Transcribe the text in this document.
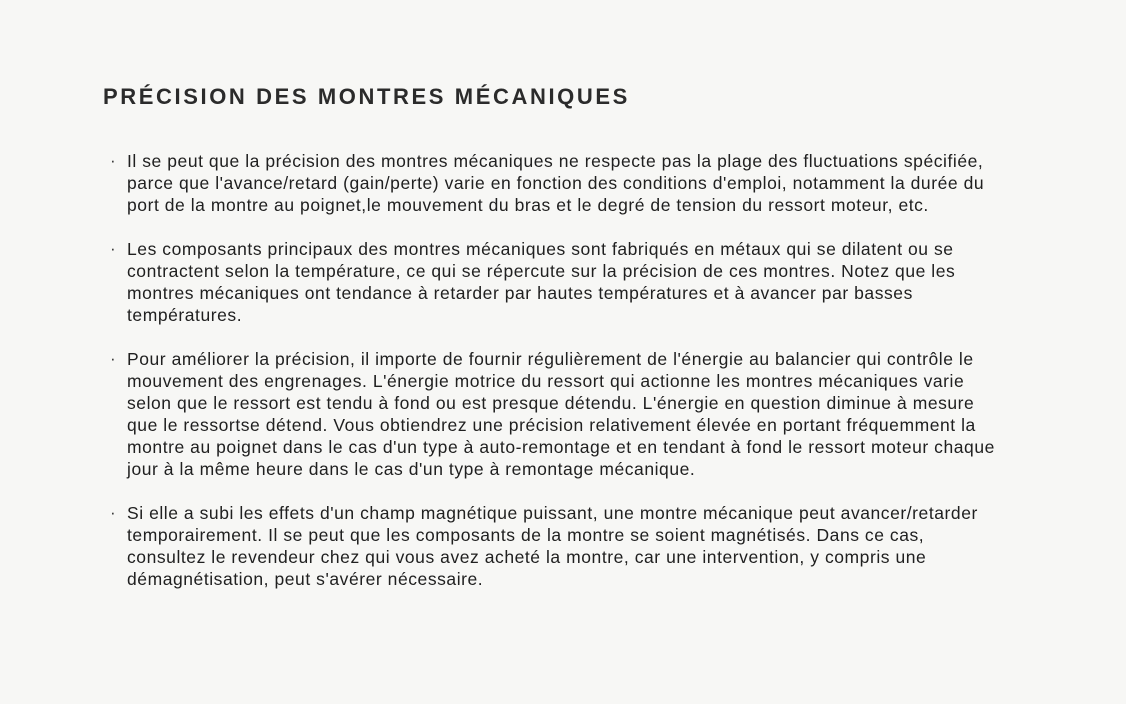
PRÉCISION DES MONTRES MÉCANIQUES
· Il se peut que la précision des montres mécaniques ne respecte pas la plage des fluctuations spécifiée, parce que l'avance/retard (gain/perte) varie en fonction des conditions d'emploi, notamment la durée du port de la montre au poignet,le mouvement du bras et le degré de tension du ressort moteur, etc.
· Les composants principaux des montres mécaniques sont fabriqués en métaux qui se dilatent ou se contractent selon la température, ce qui se répercute sur la précision de ces montres. Notez que les montres mécaniques ont tendance à retarder par hautes températures et à avancer par basses températures.
· Pour améliorer la précision, il importe de fournir régulièrement de l'énergie au balancier qui contrôle le mouvement des engrenages. L'énergie motrice du ressort qui actionne les montres mécaniques varie selon que le ressort est tendu à fond ou est presque détendu. L'énergie en question diminue à mesure que le ressortse détend. Vous obtiendrez une précision relativement élevée en portant fréquemment la montre au poignet dans le cas d'un type à auto-remontage et en tendant à fond le ressort moteur chaque jour à la même heure dans le cas d'un type à remontage mécanique.
· Si elle a subi les effets d'un champ magnétique puissant, une montre mécanique peut avancer/retarder temporairement. Il se peut que les composants de la montre se soient magnétisés. Dans ce cas, consultez le revendeur chez qui vous avez acheté la montre, car une intervention, y compris une démagnétisation, peut s'avérer nécessaire.
